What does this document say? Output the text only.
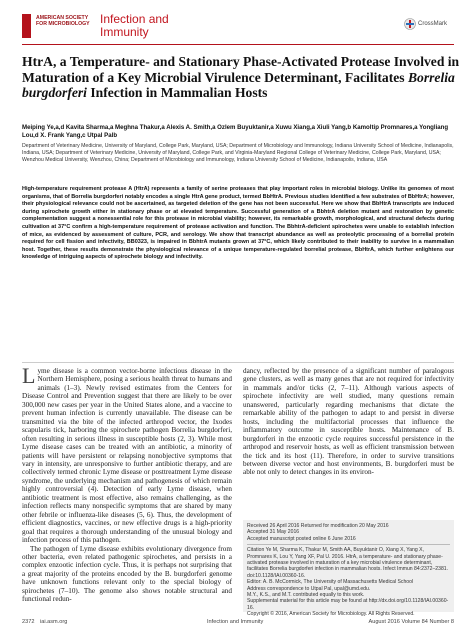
AMERICAN SOCIETY FOR MICROBIOLOGY Infection and
Immunity
CrossMark
HtrA, a Temperature- and Stationary Phase-Activated Protease Involved in Maturation of a Key Microbial Virulence Determinant, Facilitates Borrelia burgdorferi Infection in Mammalian Hosts
Meiping Ye,a,d Kavita Sharma,a Meghna Thakur,a Alexis A. Smith,a Ozlem Buyuktanir,a Xuwu Xiang,a Xiuli Yang,b Kamoltip Promnares,a Yongliang Lou,d X. Frank Yang,c Utpal Palb
Department of Veterinary Medicine, University of Maryland, College Park, Maryland, USA; Department of Microbiology and Immunology, Indiana University School of Medicine, Indianapolis, Indiana, USA; Department of Veterinary Medicine, University of Maryland, College Park, and Virginia-Maryland Regional College of Veterinary Medicine, College Park, Maryland, USA; Wenzhou Medical University, Wenzhou, China; Department of Microbiology and Immunology, Indiana University School of Medicine, Indianapolis, Indiana, USA
High-temperature requirement protease A (HtrA) represents a family of serine proteases that play important roles in microbial biology. Unlike its genomes of most organisms, that of Borrelia burgdorferi notably encodes a single HtrA gene product, termed BbHtrA. Previous studies identified a few substrates of BbHtrA; however, their physiological relevance could not be ascertained, as targeted deletion of the gene has not been successful. Here we show that BbHtrA transcripts are induced during spirochete growth either in stationary phase or at elevated temperature. Successful generation of a BbhtrA deletion mutant and restoration by genetic complementation suggest a nonessential role for this protease in microbial viability; however, its remarkable growth, morphological, and structural defects during cultivation at 37°C confirm a high-temperature requirement of protease activation and function. The BbhtrA-deficient spirochetes were unable to establish infection of mice, as evidenced by assessment of culture, PCR, and serology. We show that transcript abundance as well as proteolytic processing of a borrelial protein required for cell fission and infectivity, BB0323, is impaired in BbhtrA mutants grown at 37°C, which likely contributed to their inability to survive in a mammalian host. Together, these results demonstrate the physiological relevance of a unique temperature-regulated borrelial protease, BbHtrA, which further enlightens our knowledge of intriguing aspects of spirochete biology and infectivity.

Lyme disease is a common vector-borne infectious disease in the Northern Hemisphere, posing a serious health threat to humans and animals (1–3). Newly revised estimates from the Centers for Disease Control and Prevention suggest that there are likely to be over 300,000 new cases per year in the United States alone, and a vaccine to prevent human infection is currently unavailable. The disease can be transmitted via the bite of the infected arthropod vector, the Ixodes scapularis tick, harboring the spirochete pathogen Borrelia burgdorferi, often resulting in serious illness in susceptible hosts (2, 3). While most Lyme disease cases can be treated with an antibiotic, a minority of patients will have persistent or relapsing nonobjective symptoms that vary in intensity, are unresponsive to further antibiotic therapy, and are collectively termed chronic Lyme disease or posttreatment Lyme disease syndrome, the underlying mechanism and pathogenesis of which remain highly controversial (4). Detection of early Lyme disease, when antibiotic treatment is most effective, also remains challenging, as the infection reflects many nonspecific symptoms that are shared by many other febrile or influenza-like diseases (5, 6). Thus, the development of efficient diagnostics, vaccines, or new effective drugs is a high-priority goal that requires a thorough understanding of the unusual biology and infection process of this pathogen.

The pathogen of Lyme disease exhibits evolutionary divergence from other bacteria, even related pathogenic spirochetes, and persists in a complex enzootic infection cycle. Thus, it is perhaps not surprising that a great majority of the proteins encoded by the B. burgdorferi genome have unknown functions relevant only to the special biology of spirochetes (7–10). The genome also shows notable structural and functional redun-

dancy, reflected by the presence of a significant number of paralogous gene clusters, as well as many genes that are not required for infectivity in mammals and/or ticks (2, 7–11). Although various aspects of spirochete infectivity are well studied, many questions remain unanswered, particularly regarding mechanisms that dictate the remarkable ability of the pathogen to adapt to and persist in diverse hosts, including the multifactorial processes that influence the inflammatory outcome in susceptible hosts. Maintenance of B. burgdorferi in the enzootic cycle requires successful persistence in the arthropod and reservoir hosts, as well as efficient transmission between the tick and its host (11). Therefore, in order to survive transitions between diverse vector and host environments, B. burgdorferi must be able not only to detect changes in its environ-

Received 26 April 2016 Returned for modification 20 May 2016
Accepted 31 May 2016
Accepted manuscript posted online 6 June 2016
Citation Ye M, Sharma K, Thakur M, Smith AA, Buyuktanir O, Xiang X, Yang X, Promnares K, Lou Y, Yang XF, Pal U. 2016. HtrA, a temperature- and stationary phase-activated protease involved in maturation of a key microbial virulence determinant, facilitates Borrelia burgdorferi infection in mammalian hosts. Infect Immun 84:2372–2381. doi:10.1128/IAI.00360-16.
Editor: A. B. McCormick, The University of Massachusetts Medical School
Address correspondence to Utpal Pal, upal@umd.edu.
M.Y., K.S., and M.T. contributed equally to this work.
Supplemental material for this article may be found at http://dx.doi.org/10.1128/IAI.00360-16.
Copyright © 2016, American Society for Microbiology. All Rights Reserved.
2372 iai.asm.org	Infection and Immunity	August 2016 Volume 84 Number 8
